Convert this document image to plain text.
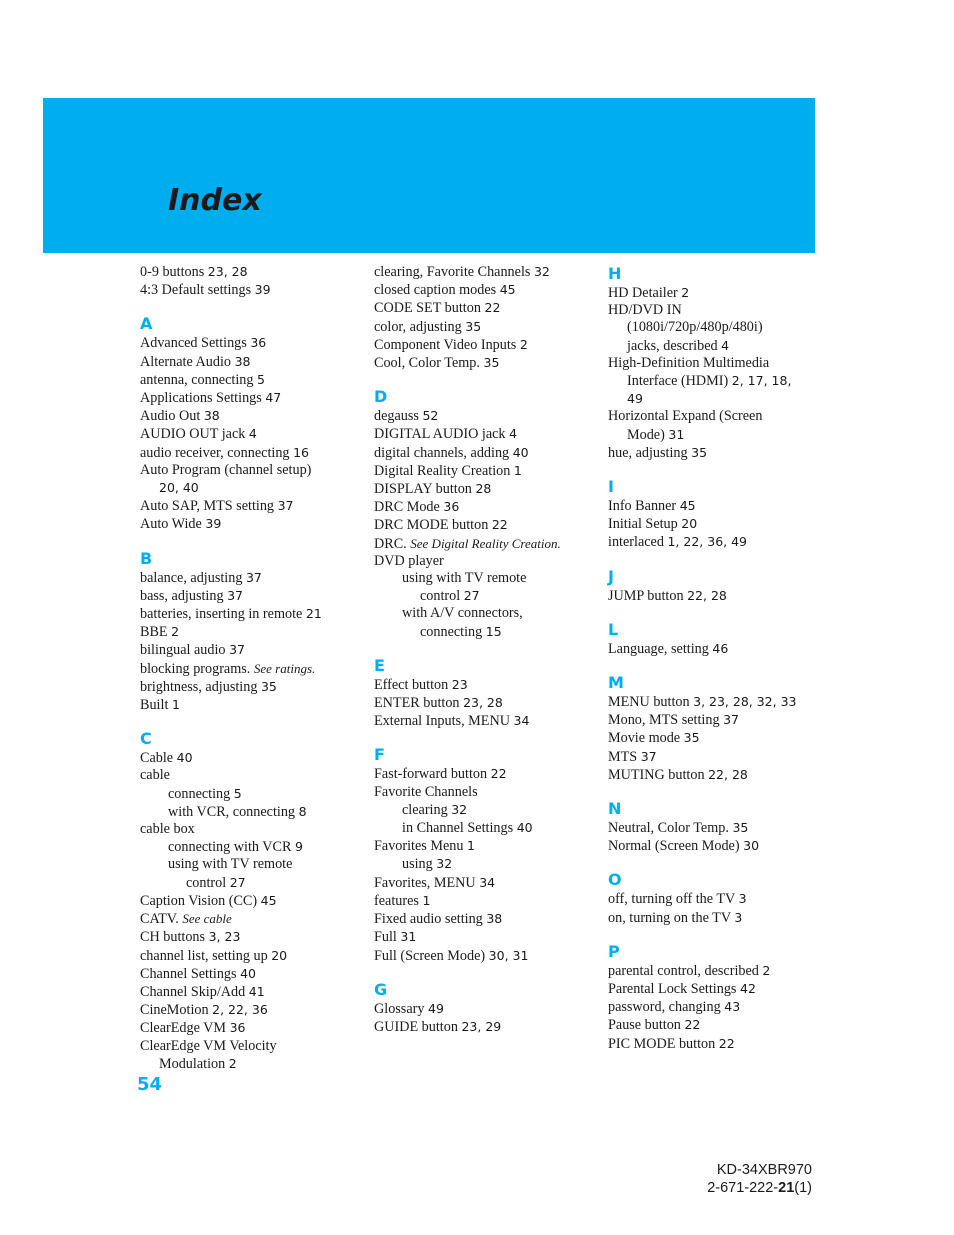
Index
0-9 buttons 23, 28
4:3 Default settings 39
A
Advanced Settings 36
Alternate Audio 38
antenna, connecting 5
Applications Settings 47
Audio Out 38
AUDIO OUT jack 4
audio receiver, connecting 16
Auto Program (channel setup)
20, 40
Auto SAP, MTS setting 37
Auto Wide 39
B
balance, adjusting 37
bass, adjusting 37
batteries, inserting in remote 21
BBE 2
bilingual audio 37
blocking programs. See ratings.
brightness, adjusting 35
Built 1
C
Cable 40
cable
connecting 5
with VCR, connecting 8
cable box
connecting with VCR 9
using with TV remote
control 27
Caption Vision (CC) 45
CATV. See cable
CH buttons 3, 23
channel list, setting up 20
Channel Settings 40
Channel Skip/Add 41
CineMotion 2, 22, 36
ClearEdge VM 36
ClearEdge VM Velocity
Modulation 2
clearing, Favorite Channels 32
closed caption modes 45
CODE SET button 22
color, adjusting 35
Component Video Inputs 2
Cool, Color Temp. 35
D
degauss 52
DIGITAL AUDIO jack 4
digital channels, adding 40
Digital Reality Creation 1
DISPLAY button 28
DRC Mode 36
DRC MODE button 22
DRC. See Digital Reality Creation.
DVD player
using with TV remote
control 27
with A/V connectors,
connecting 15
E
Effect button 23
ENTER button 23, 28
External Inputs, MENU 34
F
Fast-forward button 22
Favorite Channels
clearing 32
in Channel Settings 40
Favorites Menu 1
using 32
Favorites, MENU 34
features 1
Fixed audio setting 38
Full 31
Full (Screen Mode) 30, 31
G
Glossary 49
GUIDE button 23, 29
H
HD Detailer 2
HD/DVD IN
(1080i/720p/480p/480i)
jacks, described 4
High-Definition Multimedia
Interface (HDMI) 2, 17, 18,
49
Horizontal Expand (Screen
Mode) 31
hue, adjusting 35
I
Info Banner 45
Initial Setup 20
interlaced 1, 22, 36, 49
J
JUMP button 22, 28
L
Language, setting 46
M
MENU button 3, 23, 28, 32, 33
Mono, MTS setting 37
Movie mode 35
MTS 37
MUTING button 22, 28
N
Neutral, Color Temp. 35
Normal (Screen Mode) 30
O
off, turning off the TV 3
on, turning on the TV 3
P
parental control, described 2
Parental Lock Settings 42
password, changing 43
Pause button 22
PIC MODE button 22
54
KD-34XBR970
2-671-222-21(1)
